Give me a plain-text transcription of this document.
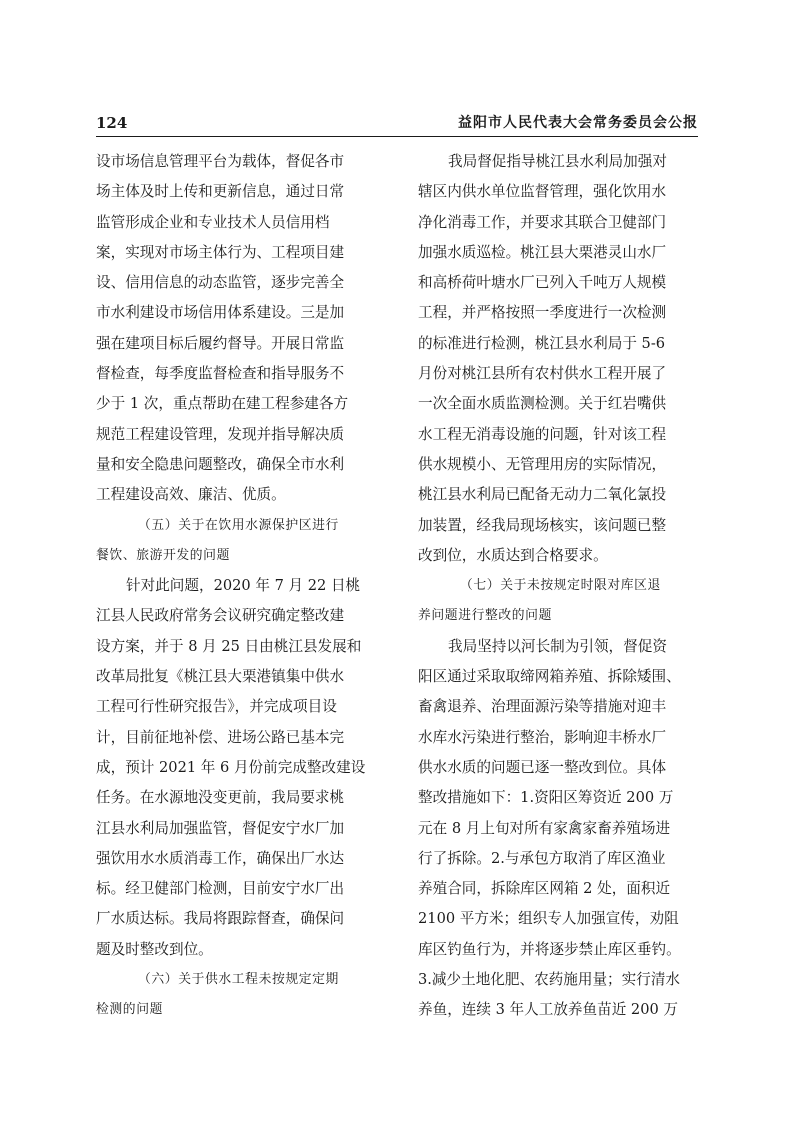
124	益阳市人民代表大会常务委员会公报
设市场信息管理平台为载体，督促各市
场主体及时上传和更新信息，通过日常
监管形成企业和专业技术人员信用档
案，实现对市场主体行为、工程项目建
设、信用信息的动态监管，逐步完善全
市水利建设市场信用体系建设。三是加
强在建项目标后履约督导。开展日常监
督检查，每季度监督检查和指导服务不
少于 1 次，重点帮助在建工程参建各方
规范工程建设管理，发现并指导解决质
量和安全隐患问题整改，确保全市水利
工程建设高效、廉洁、优质。
（五）关于在饮用水源保护区进行
餐饮、旅游开发的问题
针对此问题，2020 年 7 月 22 日桃
江县人民政府常务会议研究确定整改建
设方案，并于 8 月 25 日由桃江县发展和
改革局批复《桃江县大栗港镇集中供水
工程可行性研究报告》，并完成项目设
计，目前征地补偿、进场公路已基本完
成，预计 2021 年 6 月份前完成整改建设
任务。在水源地没变更前，我局要求桃
江县水利局加强监管，督促安宁水厂加
强饮用水水质消毒工作，确保出厂水达
标。经卫健部门检测，目前安宁水厂出
厂水质达标。我局将跟踪督查，确保问
题及时整改到位。
（六）关于供水工程未按规定定期
检测的问题
我局督促指导桃江县水利局加强对
辖区内供水单位监督管理，强化饮用水
净化消毒工作，并要求其联合卫健部门
加强水质巡检。桃江县大栗港灵山水厂
和高桥荷叶塘水厂已列入千吨万人规模
工程，并严格按照一季度进行一次检测
的标准进行检测，桃江县水利局于 5-6
月份对桃江县所有农村供水工程开展了
一次全面水质监测检测。关于红岩嘴供
水工程无消毒设施的问题，针对该工程
供水规模小、无管理用房的实际情况，
桃江县水利局已配备无动力二氧化氯投
加装置，经我局现场核实，该问题已整
改到位，水质达到合格要求。
（七）关于未按规定时限对库区退
养问题进行整改的问题
我局坚持以河长制为引领，督促资
阳区通过采取取缔网箱养殖、拆除矮围、
畜禽退养、治理面源污染等措施对迎丰
水库水污染进行整治，影响迎丰桥水厂
供水水质的问题已逐一整改到位。具体
整改措施如下：1.资阳区筹资近 200 万
元在 8 月上旬对所有家禽家畜养殖场进
行了拆除。2.与承包方取消了库区渔业
养殖合同，拆除库区网箱 2 处，面积近
2100 平方米；组织专人加强宣传，劝阻
库区钓鱼行为，并将逐步禁止库区垂钓。
3.减少土地化肥、农药施用量；实行清水
养鱼，连续 3 年人工放养鱼苗近 200 万
